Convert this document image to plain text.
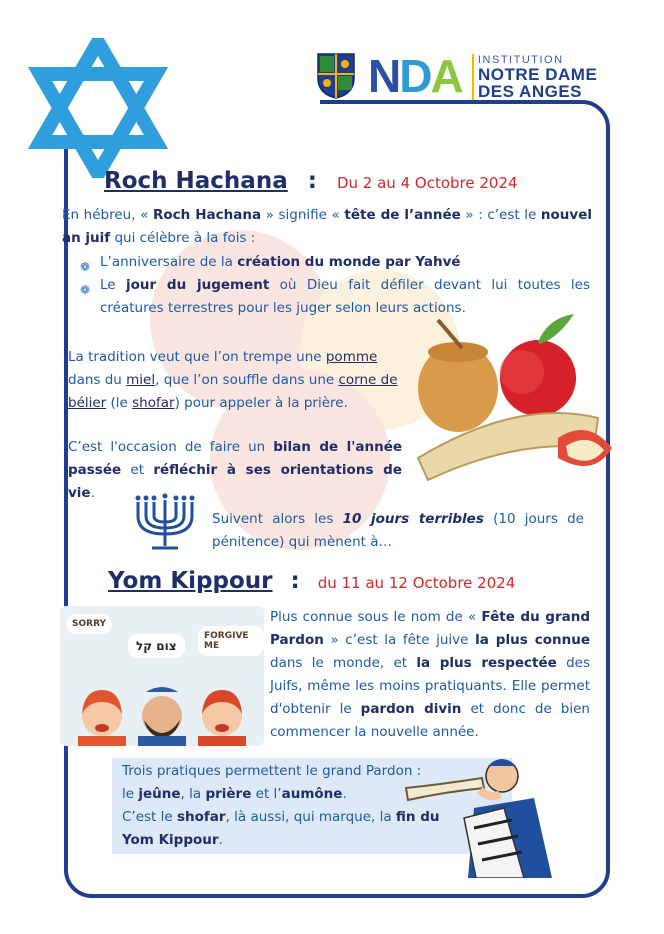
NDA INSTITUTION
NOTRE DAME
DES ANGES
Roch Hachana : Du 2 au 4 Octobre 2024
En hébreu, « Roch Hachana » signifie « tête de l’année » : c’est le nouvel an juif qui célèbre à la fois :
❁ L’anniversaire de la création du monde par Yahvé
❁ Le jour du jugement où Dieu fait défiler devant lui toutes les créatures terrestres pour les juger selon leurs actions.
La tradition veut que l’on trempe une pomme dans du miel, que l’on souffle dans une corne de bélier (le shofar) pour appeler à la prière.
C’est l'occasion de faire un bilan de l'année passée et réfléchir à ses orientations de vie.
Suivent alors les 10 jours terribles (10 jours de pénitence) qui mènent à…
Yom Kippour : du 11 au 12 Octobre 2024
SORRY
צום קל
FORGIVE ME
Plus connue sous le nom de « Fête du grand Pardon » c’est la fête juive la plus connue dans le monde, et la plus respectée des Juifs, même les moins pratiquants. Elle permet d'obtenir le pardon divin et donc de bien commencer la nouvelle année.
Trois pratiques permettent le grand Pardon :
le jeûne, la prière et l’aumône.
C’est le shofar, là aussi, qui marque, la fin du Yom Kippour.
